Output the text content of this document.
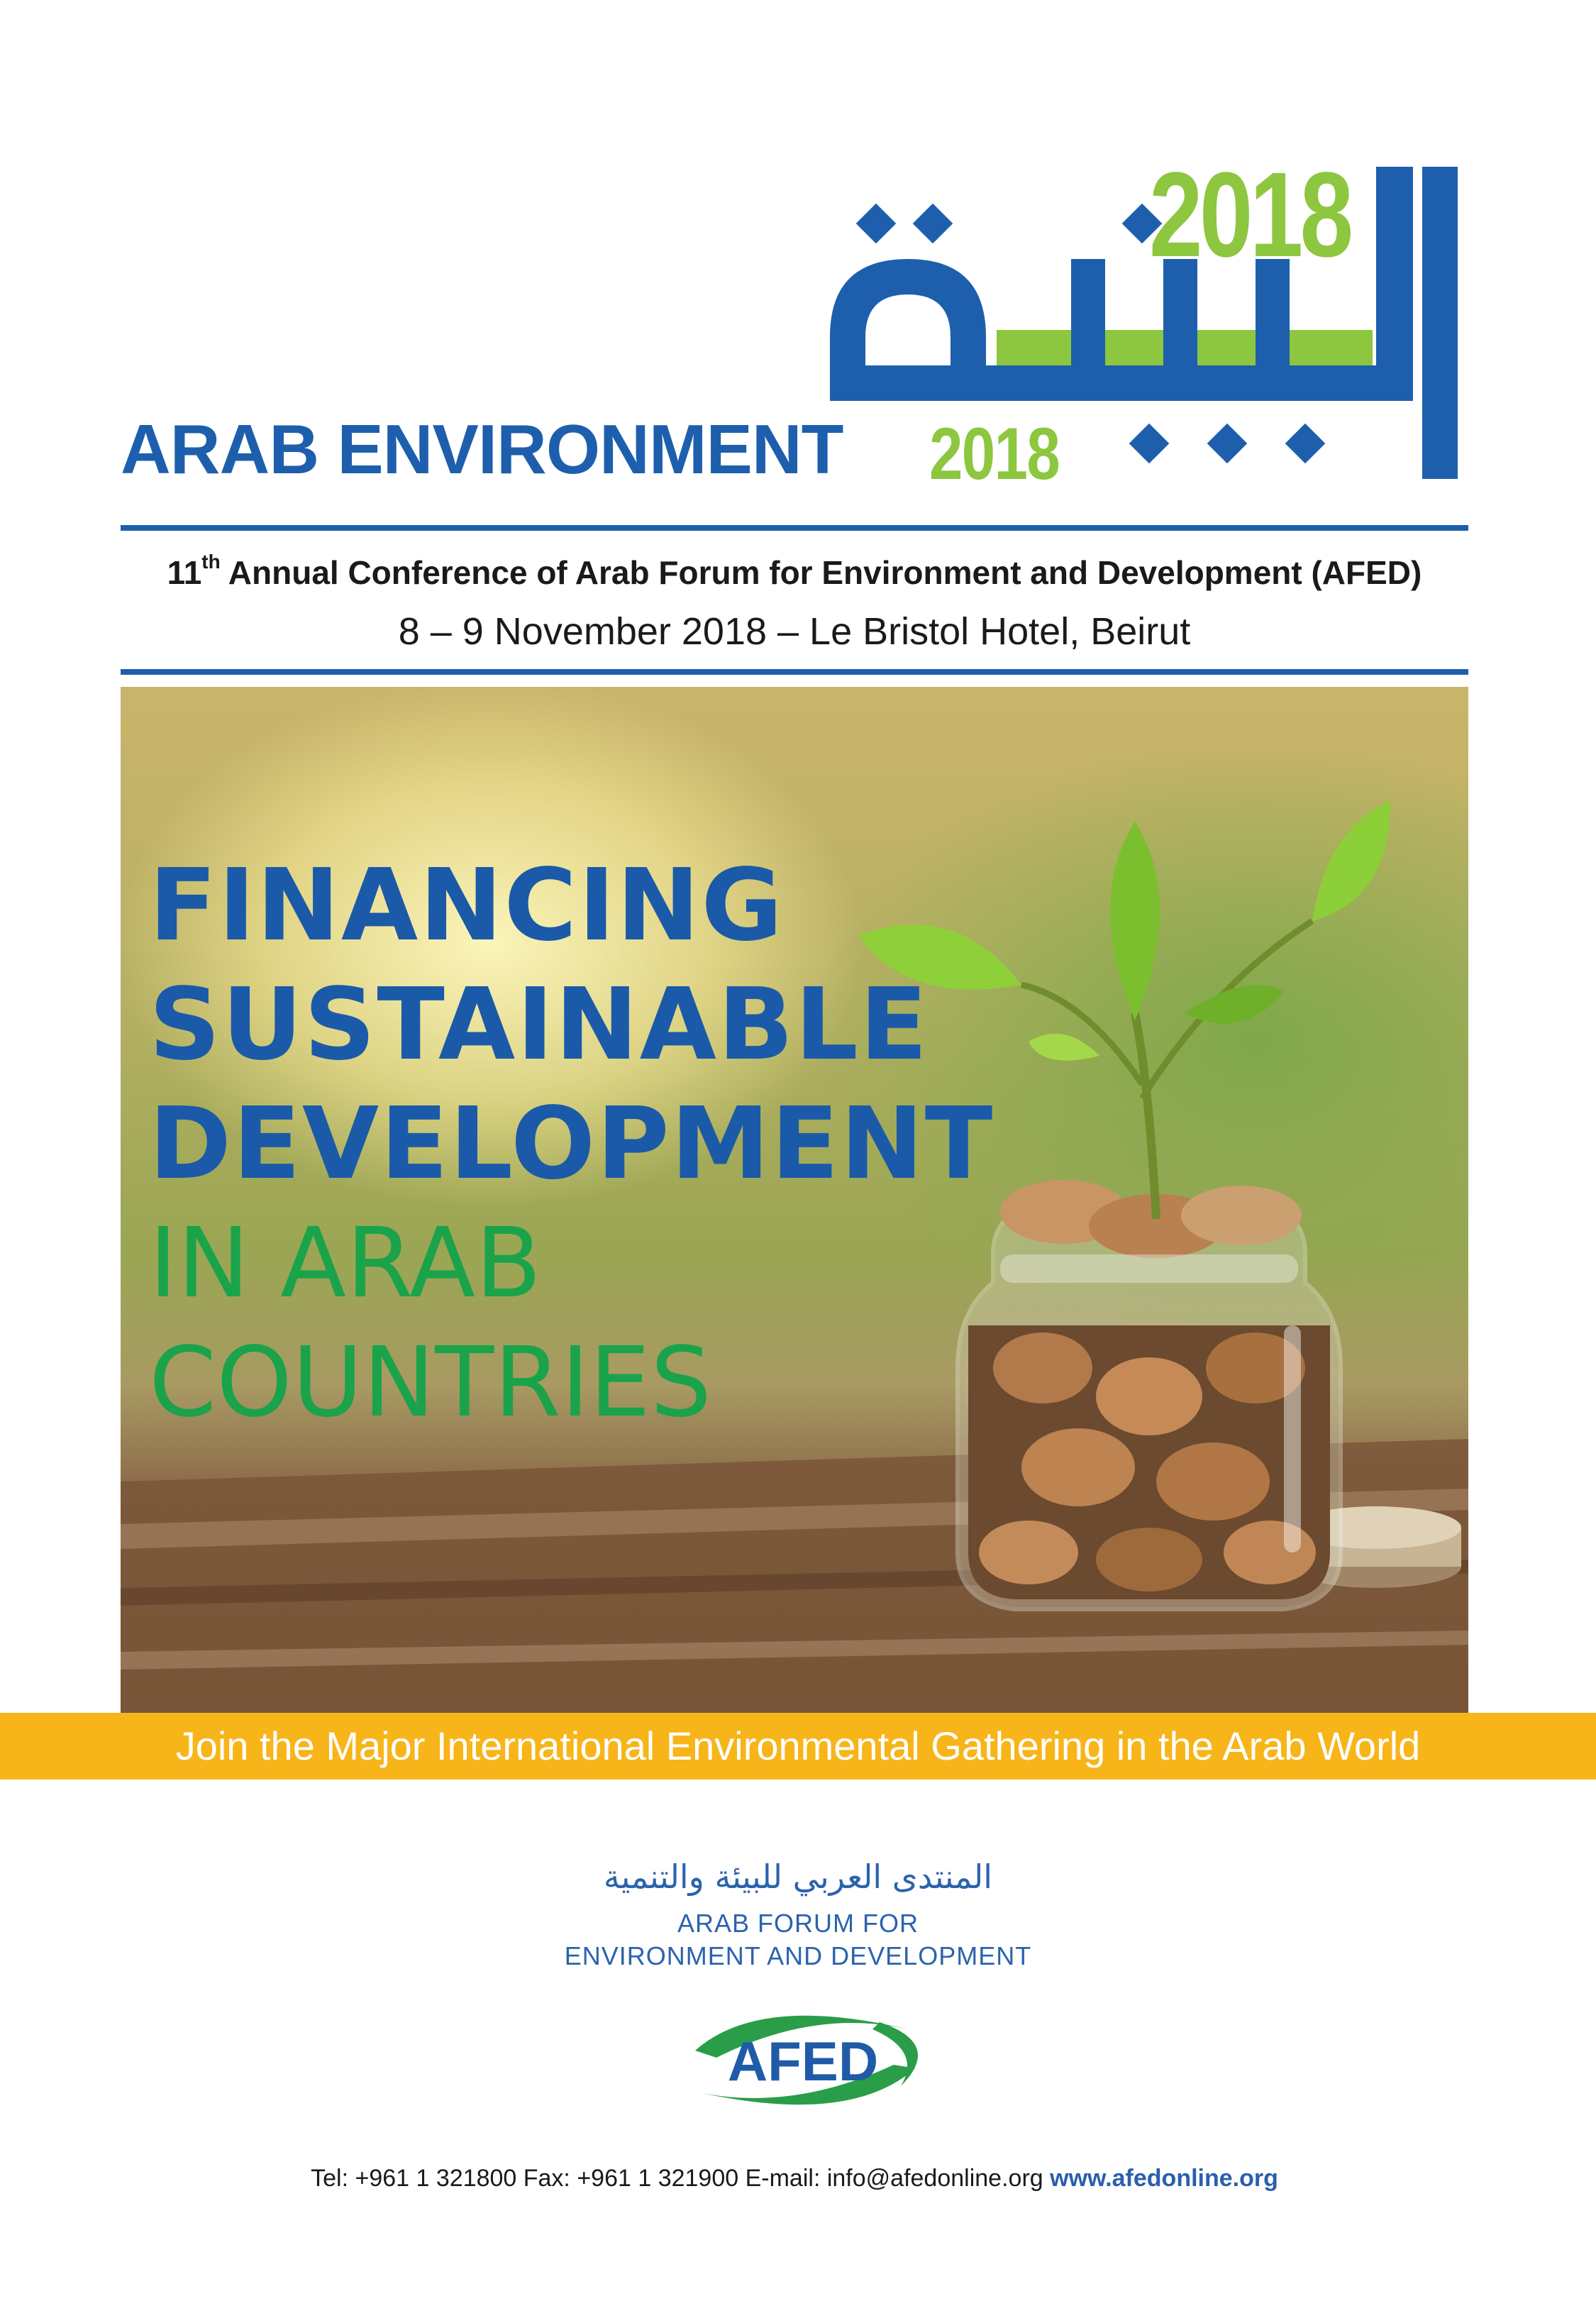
2018
ARAB ENVIRONMENT	2018
11th Annual Conference of Arab Forum for Environment and Development (AFED)
8 – 9 November 2018 – Le Bristol Hotel, Beirut
FINANCING
SUSTAINABLE
DEVELOPMENT
IN ARAB
COUNTRIES
Join the Major International Environmental Gathering in the Arab World
المنتدى العربي للبيئة والتنمية
ARAB FORUM FOR
ENVIRONMENT AND DEVELOPMENT
AFED
Tel: +961 1 321800 Fax: +961 1 321900 E-mail: info@afedonline.org www.afedonline.org
